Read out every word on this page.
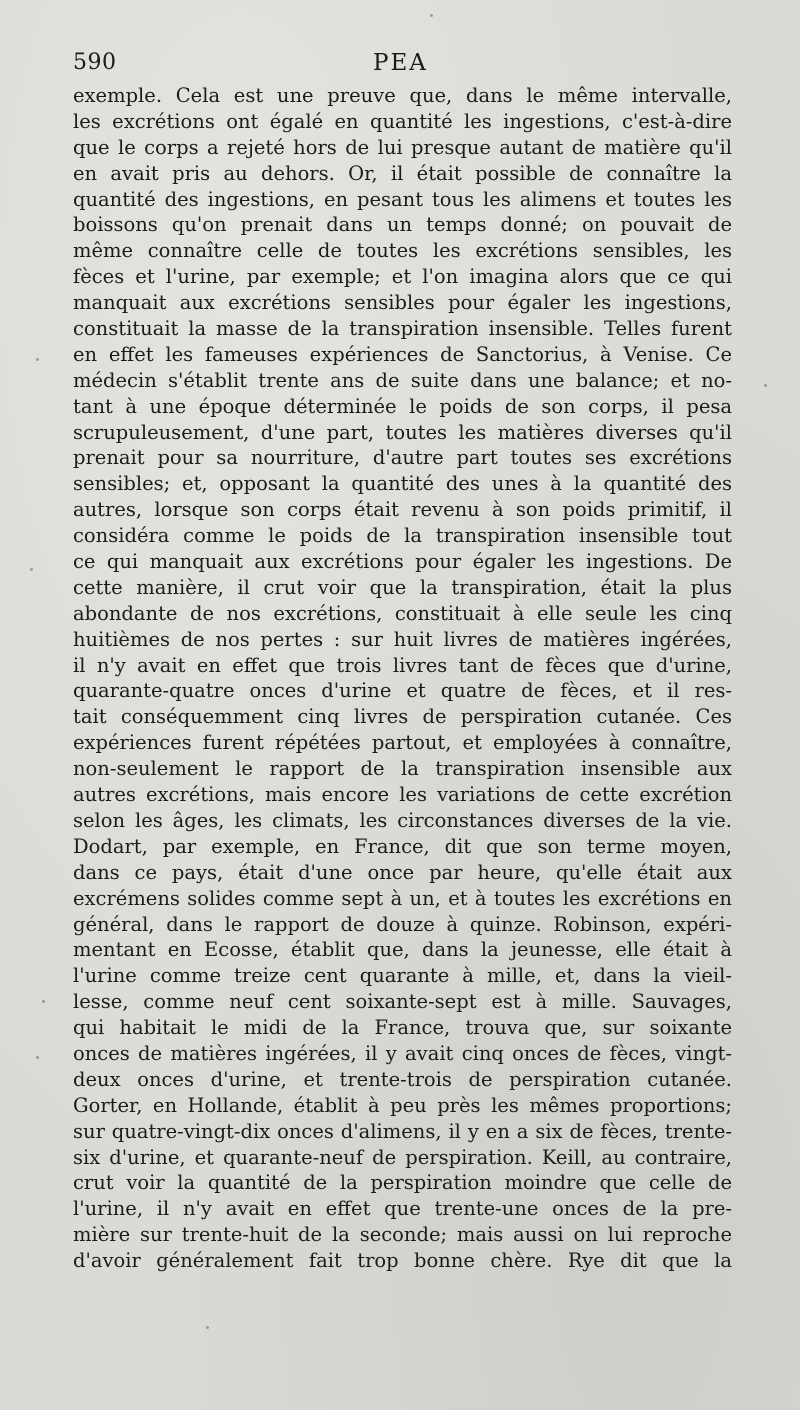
590	PEA
exemple. Cela est une preuve que, dans le même intervalle,
les excrétions ont égalé en quantité les ingestions, c'est-à-dire
que le corps a rejeté hors de lui presque autant de matière qu'il
en avait pris au dehors. Or, il était possible de connaître la
quantité des ingestions, en pesant tous les alimens et toutes les
boissons qu'on prenait dans un temps donné; on pouvait de
même connaître celle de toutes les excrétions sensibles, les
fèces et l'urine, par exemple; et l'on imagina alors que ce qui
manquait aux excrétions sensibles pour égaler les ingestions,
constituait la masse de la transpiration insensible. Telles furent
en effet les fameuses expériences de Sanctorius, à Venise. Ce
médecin s'établit trente ans de suite dans une balance; et no-
tant à une époque déterminée le poids de son corps, il pesa
scrupuleusement, d'une part, toutes les matières diverses qu'il
prenait pour sa nourriture, d'autre part toutes ses excrétions
sensibles; et, opposant la quantité des unes à la quantité des
autres, lorsque son corps était revenu à son poids primitif, il
considéra comme le poids de la transpiration insensible tout
ce qui manquait aux excrétions pour égaler les ingestions. De
cette manière, il crut voir que la transpiration, était la plus
abondante de nos excrétions, constituait à elle seule les cinq
huitièmes de nos pertes : sur huit livres de matières ingérées,
il n'y avait en effet que trois livres tant de fèces que d'urine,
quarante-quatre onces d'urine et quatre de fèces, et il res-
tait conséquemment cinq livres de perspiration cutanée. Ces
expériences furent répétées partout, et employées à connaître,
non-seulement le rapport de la transpiration insensible aux
autres excrétions, mais encore les variations de cette excrétion
selon les âges, les climats, les circonstances diverses de la vie.
Dodart, par exemple, en France, dit que son terme moyen,
dans ce pays, était d'une once par heure, qu'elle était aux
excrémens solides comme sept à un, et à toutes les excrétions en
général, dans le rapport de douze à quinze. Robinson, expéri-
mentant en Ecosse, établit que, dans la jeunesse, elle était à
l'urine comme treize cent quarante à mille, et, dans la vieil-
lesse, comme neuf cent soixante-sept est à mille. Sauvages,
qui habitait le midi de la France, trouva que, sur soixante
onces de matières ingérées, il y avait cinq onces de fèces, vingt-
deux onces d'urine, et trente-trois de perspiration cutanée.
Gorter, en Hollande, établit à peu près les mêmes proportions;
sur quatre-vingt-dix onces d'alimens, il y en a six de fèces, trente-
six d'urine, et quarante-neuf de perspiration. Keill, au contraire,
crut voir la quantité de la perspiration moindre que celle de
l'urine, il n'y avait en effet que trente-une onces de la pre-
mière sur trente-huit de la seconde; mais aussi on lui reproche
d'avoir généralement fait trop bonne chère. Rye dit que la
